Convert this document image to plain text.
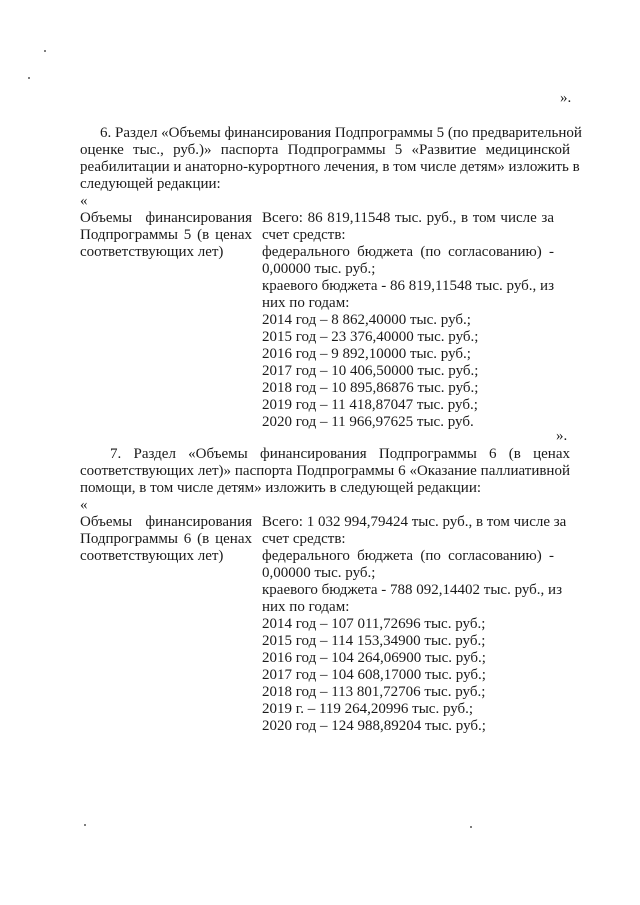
».
6. Раздел «Объемы финансирования Подпрограммы 5 (по предварительной
оценке тыс., руб.)» паспорта Подпрограммы 5 «Развитие медицинской
реабилитации и анаторно-курортного лечения, в том числе детям» изложить в
следующей редакции:
«
Объемы финансирования
Подпрограммы 5 (в ценах
соответствующих лет)
Всего: 86 819,11548 тыс. руб., в том числе за
счет средств:
федерального бюджета (по согласованию) -
0,00000 тыс. руб.;
краевого бюджета - 86 819,11548 тыс. руб., из
них по годам:
2014 год – 8 862,40000 тыс. руб.;
2015 год – 23 376,40000 тыс. руб.;
2016 год – 9 892,10000 тыс. руб.;
2017 год – 10 406,50000 тыс. руб.;
2018 год – 10 895,86876 тыс. руб.;
2019 год – 11 418,87047 тыс. руб.;
2020 год – 11 966,97625 тыс. руб.
».
7. Раздел «Объемы финансирования Подпрограммы 6 (в ценах
соответствующих лет)» паспорта Подпрограммы 6 «Оказание паллиативной
помощи, в том числе детям» изложить в следующей редакции:
«
Объемы финансирования
Подпрограммы 6 (в ценах
соответствующих лет)
Всего: 1 032 994,79424 тыс. руб., в том числе за
счет средств:
федерального бюджета (по согласованию) -
0,00000 тыс. руб.;
краевого бюджета - 788 092,14402 тыс. руб., из
них по годам:
2014 год – 107 011,72696 тыс. руб.;
2015 год – 114 153,34900 тыс. руб.;
2016 год – 104 264,06900 тыс. руб.;
2017 год – 104 608,17000 тыс. руб.;
2018 год – 113 801,72706 тыс. руб.;
2019 г. – 119 264,20996 тыс. руб.;
2020 год – 124 988,89204 тыс. руб.;
